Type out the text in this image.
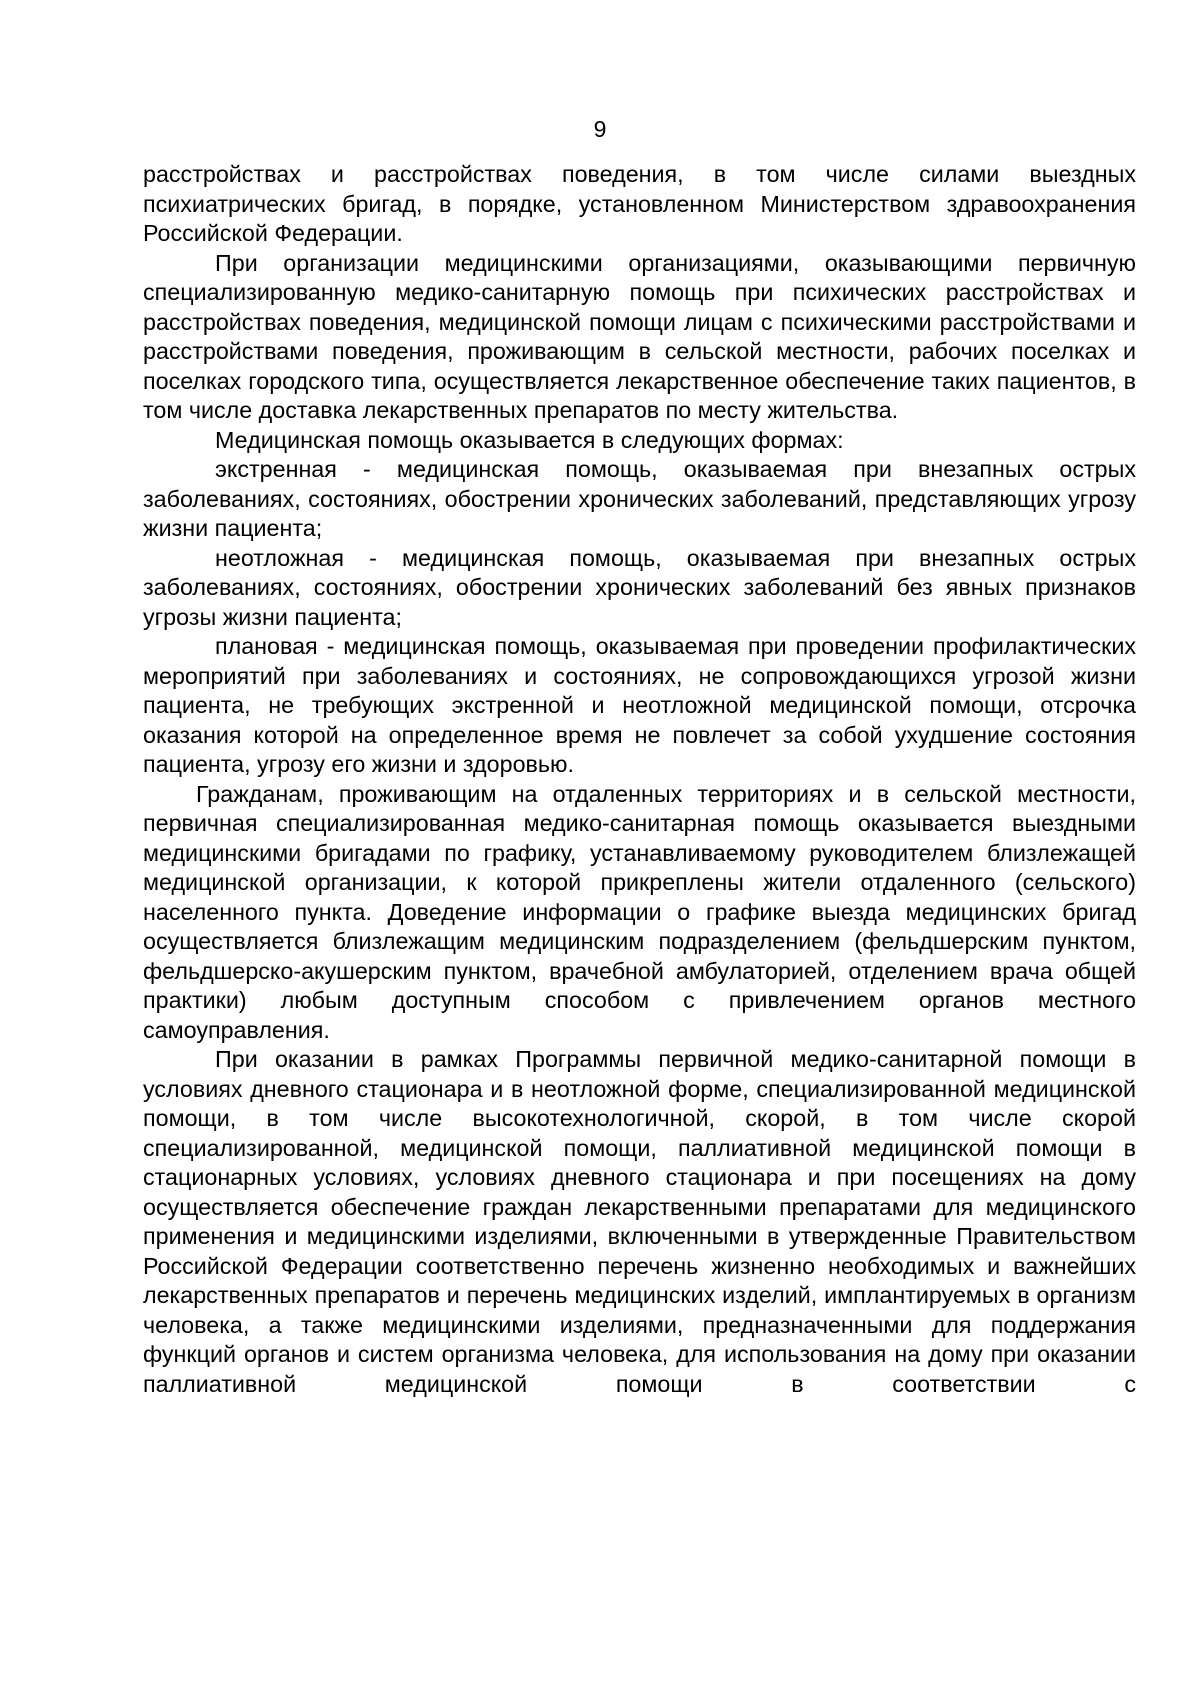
9

расстройствах и расстройствах поведения, в том числе силами выездных психиатрических бригад, в порядке, установленном Министерством здравоохранения Российской Федерации.

При организации медицинскими организациями, оказывающими первичную специализированную медико-санитарную помощь при психических расстройствах и расстройствах поведения, медицинской помощи лицам с психическими расстройствами и расстройствами поведения, проживающим в сельской местности, рабочих поселках и поселках городского типа, осуществляется лекарственное обеспечение таких пациентов, в том числе доставка лекарственных препаратов по месту жительства.

Медицинская помощь оказывается в следующих формах:

экстренная - медицинская помощь, оказываемая при внезапных острых заболеваниях, состояниях, обострении хронических заболеваний, представляющих угрозу жизни пациента;

неотложная - медицинская помощь, оказываемая при внезапных острых заболеваниях, состояниях, обострении хронических заболеваний без явных признаков угрозы жизни пациента;

плановая - медицинская помощь, оказываемая при проведении профилактических мероприятий при заболеваниях и состояниях, не сопровождающихся угрозой жизни пациента, не требующих экстренной и неотложной медицинской помощи, отсрочка оказания которой на определенное время не повлечет за собой ухудшение состояния пациента, угрозу его жизни и здоровью.

Гражданам, проживающим на отдаленных территориях и в сельской местности, первичная специализированная медико-санитарная помощь оказывается выездными медицинскими бригадами по графику, устанавливаемому руководителем близлежащей медицинской организации, к которой прикреплены жители отдаленного (сельского) населенного пункта. Доведение информации о графике выезда медицинских бригад осуществляется близлежащим медицинским подразделением (фельдшерским пунктом, фельдшерско-акушерским пунктом, врачебной амбулаторией, отделением врача общей практики) любым доступным способом с привлечением органов местного самоуправления.

При оказании в рамках Программы первичной медико-санитарной помощи в условиях дневного стационара и в неотложной форме, специализированной медицинской помощи, в том числе высокотехнологичной, скорой, в том числе скорой специализированной, медицинской помощи, паллиативной медицинской помощи в стационарных условиях, условиях дневного стационара и при посещениях на дому осуществляется обеспечение граждан лекарственными препаратами для медицинского применения и медицинскими изделиями, включенными в утвержденные Правительством Российской Федерации соответственно перечень жизненно необходимых и важнейших лекарственных препаратов и перечень медицинских изделий, имплантируемых в организм человека, а также медицинскими изделиями, предназначенными для поддержания функций органов и систем организма человека, для использования на дому при оказании паллиативной медицинской помощи в соответствии с
